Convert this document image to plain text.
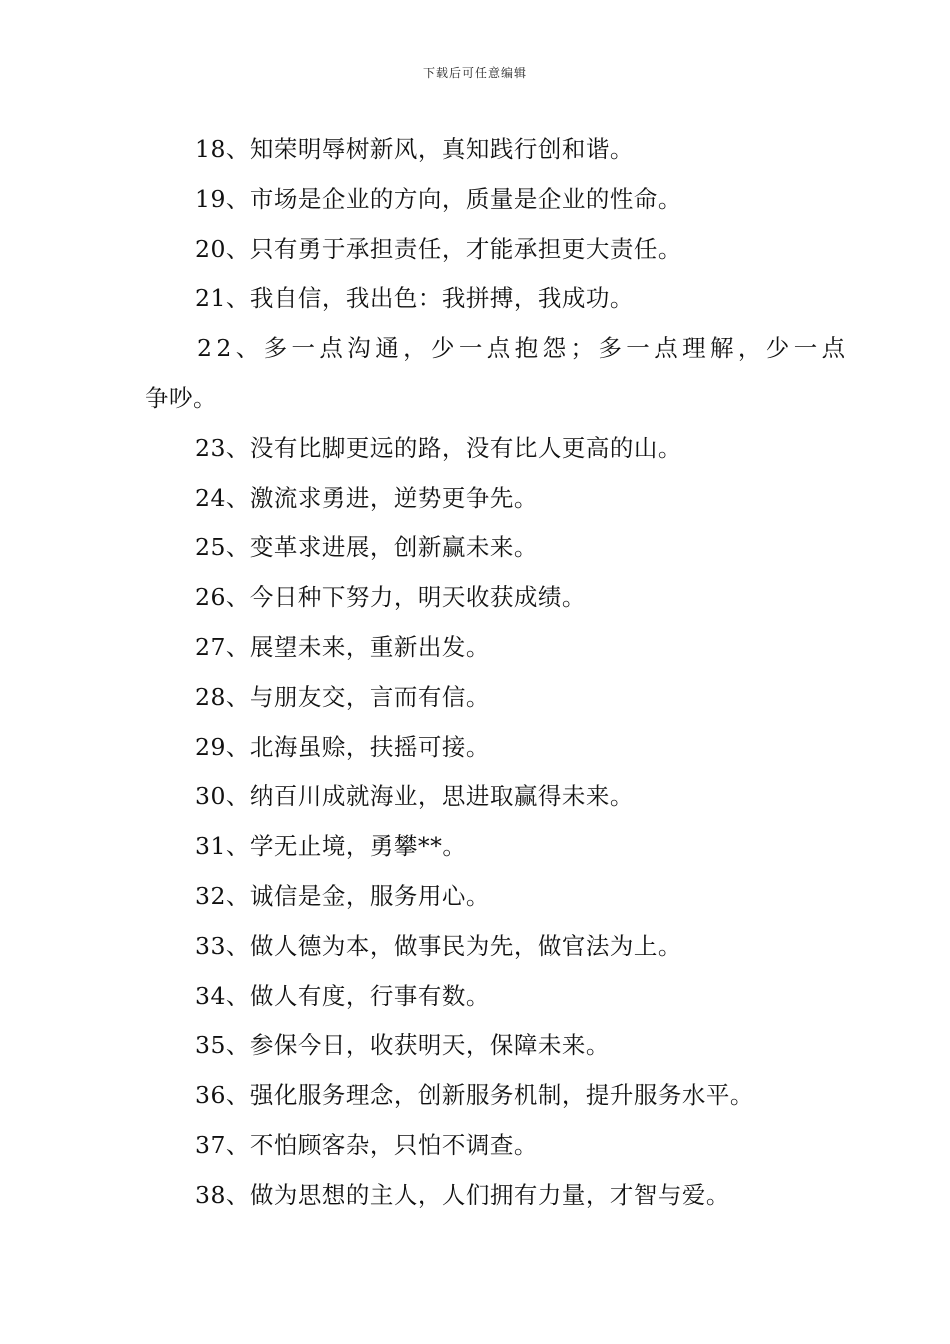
下载后可任意编辑
18、知荣明辱树新风，真知践行创和谐。
19、市场是企业的方向，质量是企业的性命。
20、只有勇于承担责任，才能承担更大责任。
21、我自信，我出色：我拼搏，我成功。
22、多一点沟通，少一点抱怨；多一点理解，少一点
争吵。
23、没有比脚更远的路，没有比人更高的山。
24、激流求勇进，逆势更争先。
25、变革求进展，创新赢未来。
26、今日种下努力，明天收获成绩。
27、展望未来，重新出发。
28、与朋友交，言而有信。
29、北海虽赊，扶摇可接。
30、纳百川成就海业，思进取赢得未来。
31、学无止境，勇攀**。
32、诚信是金，服务用心。
33、做人德为本，做事民为先，做官法为上。
34、做人有度，行事有数。
35、参保今日，收获明天，保障未来。
36、强化服务理念，创新服务机制，提升服务水平。
37、不怕顾客杂，只怕不调查。
38、做为思想的主人，人们拥有力量，才智与爱。
